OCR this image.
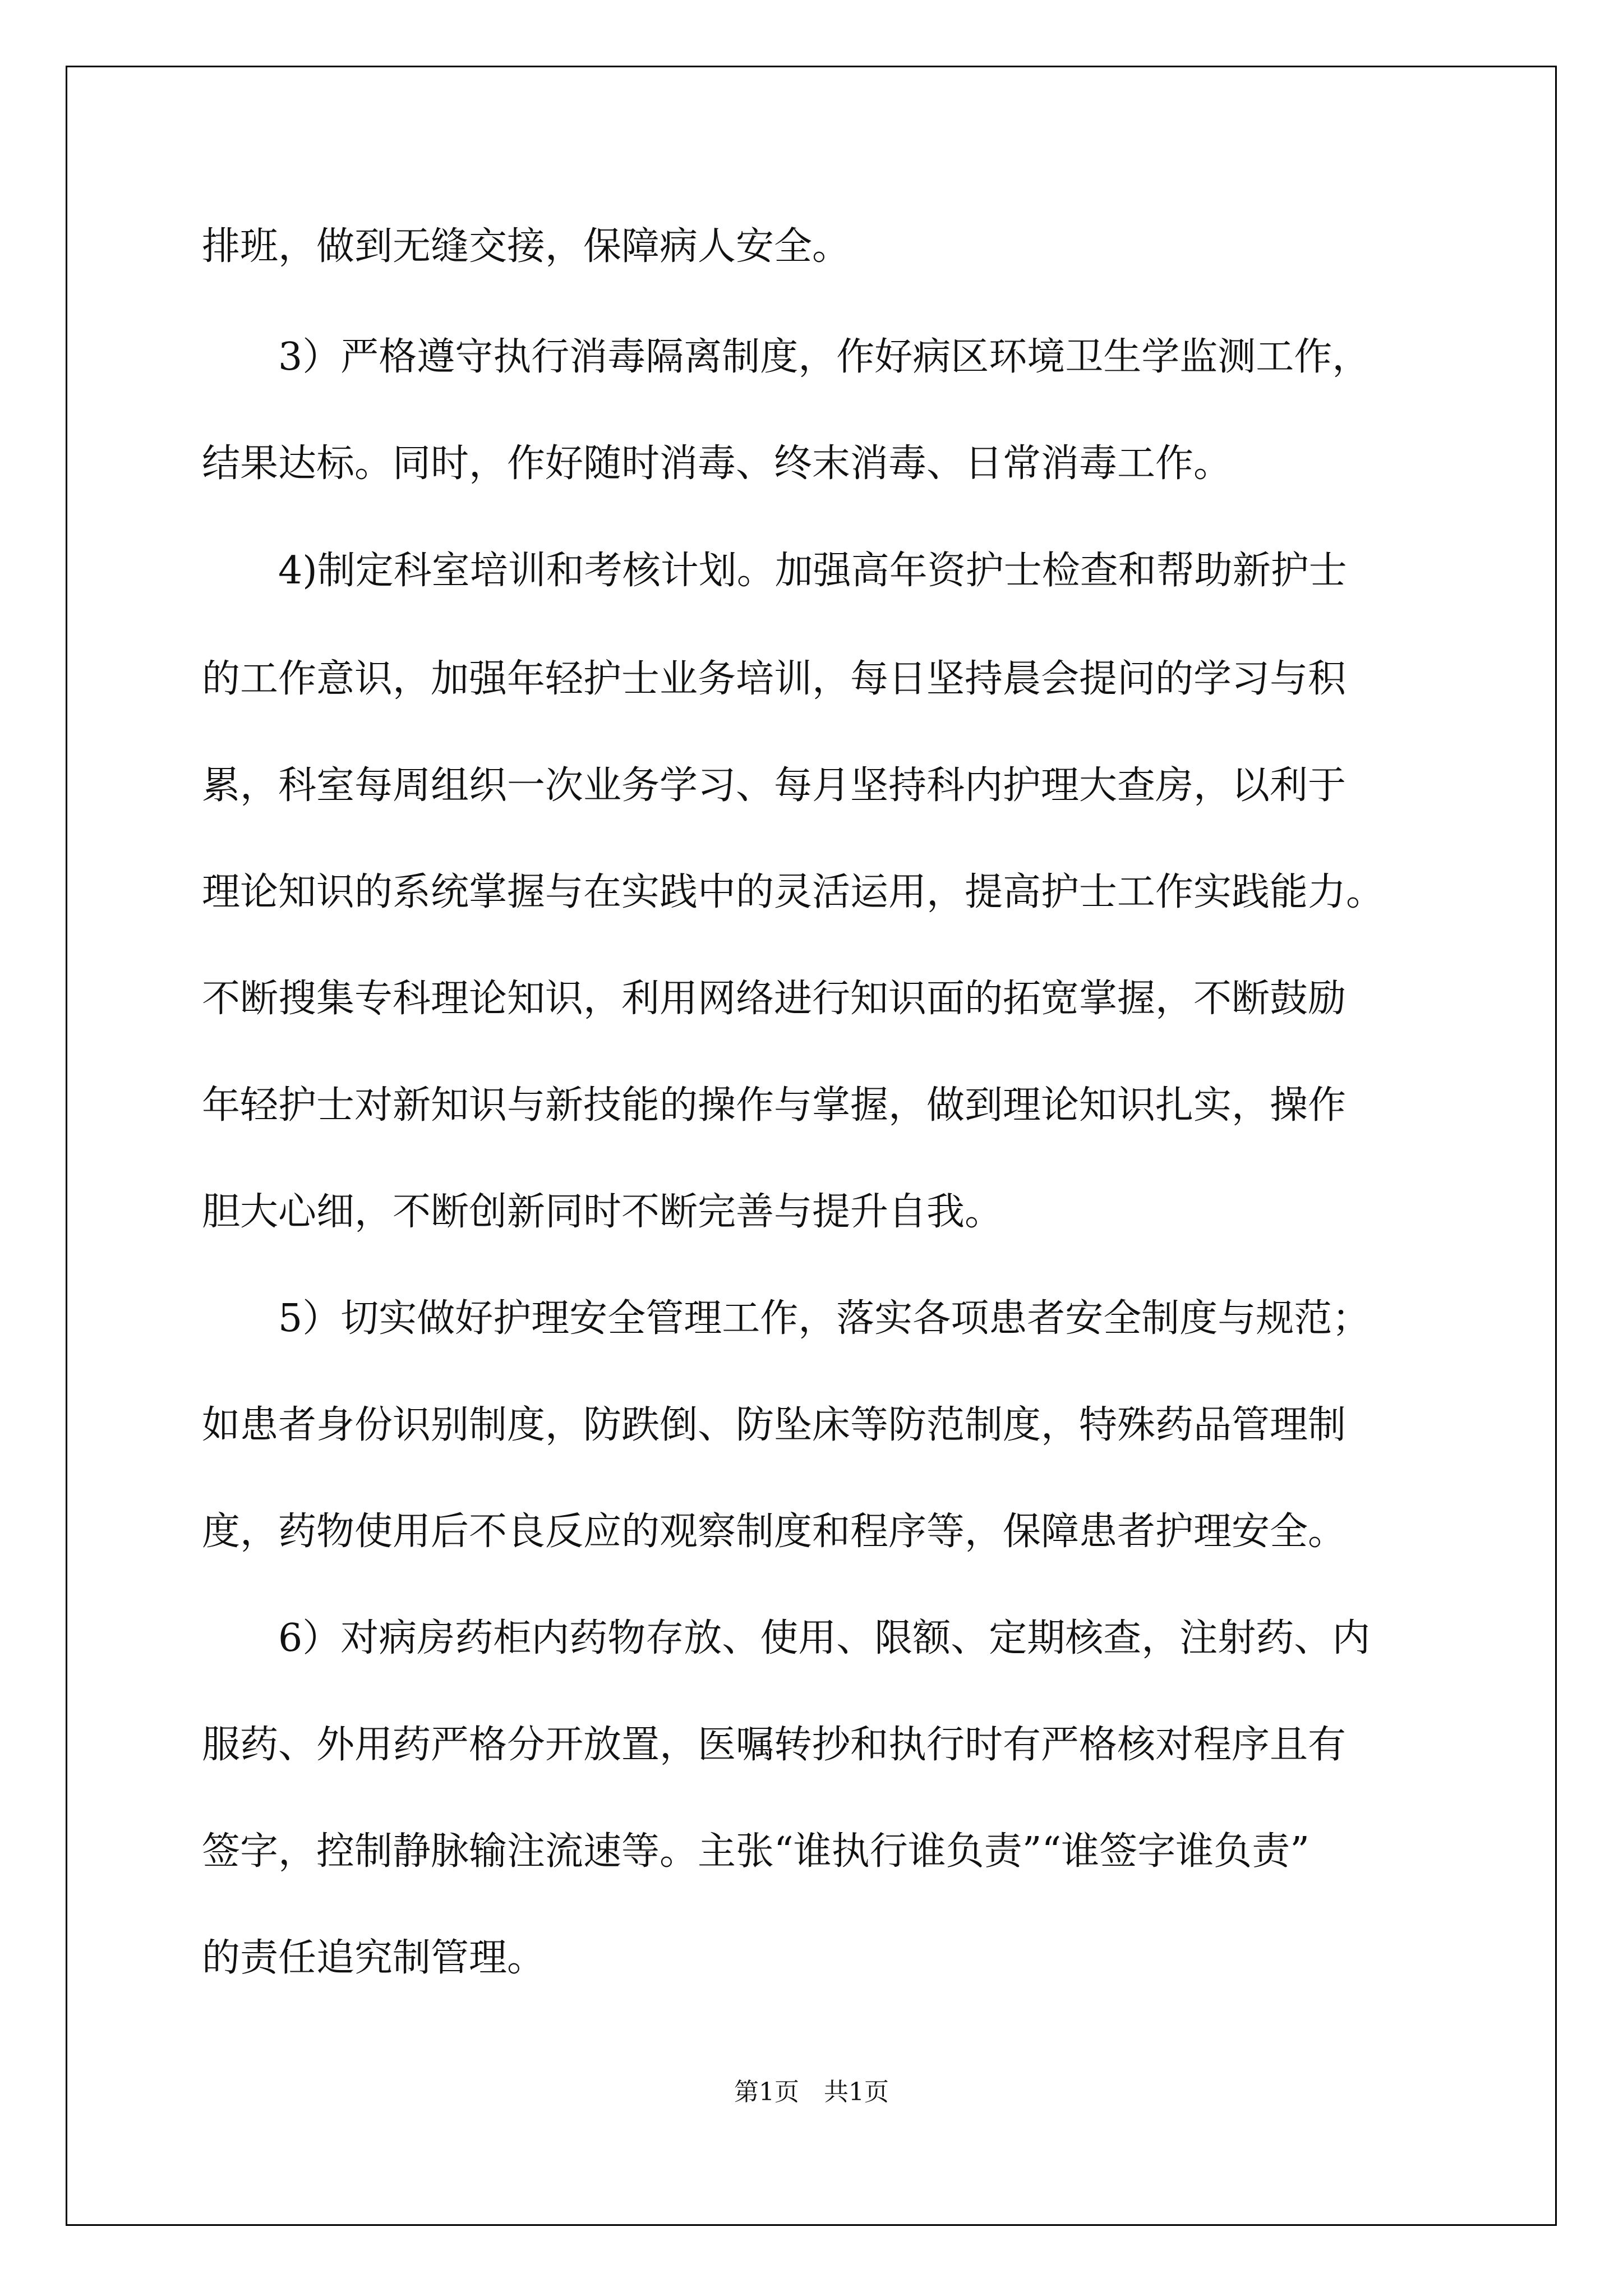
排班，做到无缝交接，保障病人安全。
　　3）严格遵守执行消毒隔离制度，作好病区环境卫生学监测工作，
结果达标。同时，作好随时消毒、终末消毒、日常消毒工作。
　　4)制定科室培训和考核计划。加强高年资护士检查和帮助新护士
的工作意识，加强年轻护士业务培训，每日坚持晨会提问的学习与积
累，科室每周组织一次业务学习、每月坚持科内护理大查房，以利于
理论知识的系统掌握与在实践中的灵活运用，提高护士工作实践能力。
不断搜集专科理论知识，利用网络进行知识面的拓宽掌握，不断鼓励
年轻护士对新知识与新技能的操作与掌握，做到理论知识扎实，操作
胆大心细，不断创新同时不断完善与提升自我。
　　5）切实做好护理安全管理工作，落实各项患者安全制度与规范；
如患者身份识别制度，防跌倒、防坠床等防范制度，特殊药品管理制
度，药物使用后不良反应的观察制度和程序等，保障患者护理安全。
　　6）对病房药柜内药物存放、使用、限额、定期核查，注射药、内
服药、外用药严格分开放置，医嘱转抄和执行时有严格核对程序且有
签字，控制静脉输注流速等。主张“谁执行谁负责”“谁签字谁负责”
的责任追究制管理。
第1页　共1页
